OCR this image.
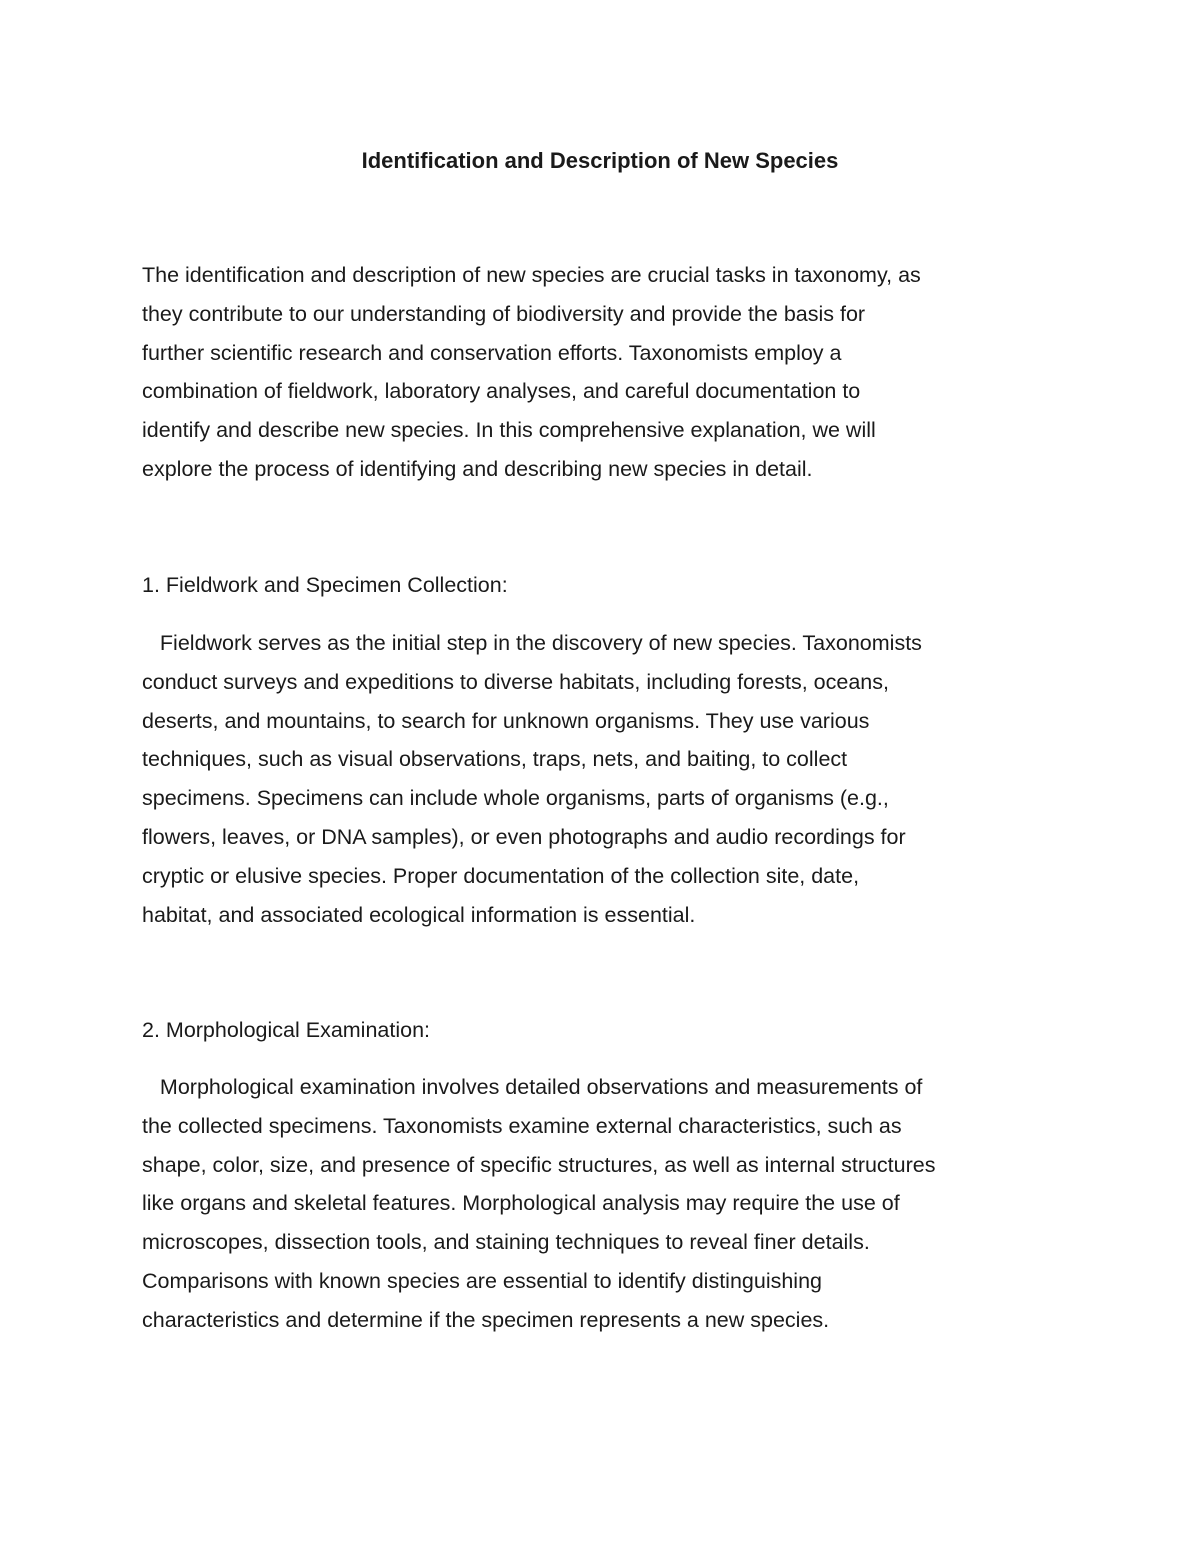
Identification and Description of New Species
The identification and description of new species are crucial tasks in taxonomy, as
they contribute to our understanding of biodiversity and provide the basis for
further scientific research and conservation efforts. Taxonomists employ a
combination of fieldwork, laboratory analyses, and careful documentation to
identify and describe new species. In this comprehensive explanation, we will
explore the process of identifying and describing new species in detail.
1. Fieldwork and Specimen Collection:
Fieldwork serves as the initial step in the discovery of new species. Taxonomists
conduct surveys and expeditions to diverse habitats, including forests, oceans,
deserts, and mountains, to search for unknown organisms. They use various
techniques, such as visual observations, traps, nets, and baiting, to collect
specimens. Specimens can include whole organisms, parts of organisms (e.g.,
flowers, leaves, or DNA samples), or even photographs and audio recordings for
cryptic or elusive species. Proper documentation of the collection site, date,
habitat, and associated ecological information is essential.
2. Morphological Examination:
Morphological examination involves detailed observations and measurements of
the collected specimens. Taxonomists examine external characteristics, such as
shape, color, size, and presence of specific structures, as well as internal structures
like organs and skeletal features. Morphological analysis may require the use of
microscopes, dissection tools, and staining techniques to reveal finer details.
Comparisons with known species are essential to identify distinguishing
characteristics and determine if the specimen represents a new species.
